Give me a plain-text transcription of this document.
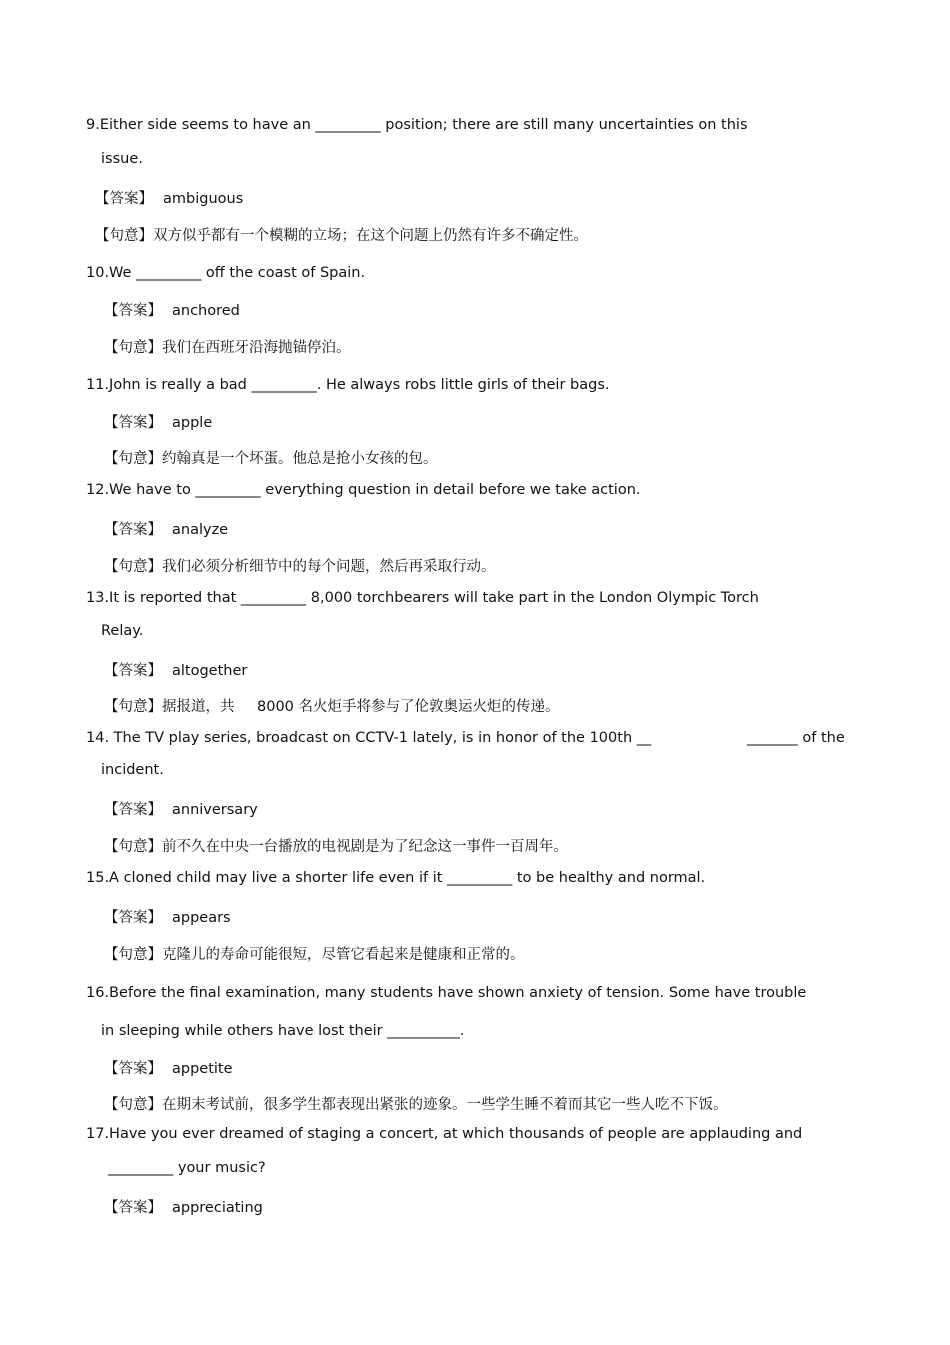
9.Either side seems to have an _________ position; there are still many uncertainties on this
issue.
【答案】 ambiguous
【句意】双方似乎都有一个模糊的立场；在这个问题上仍然有许多不确定性。
10.We _________ off the coast of Spain.
【答案】 anchored
【句意】我们在西班牙沿海抛锚停泊。
11.John is really a bad _________. He always robs little girls of their bags.
【答案】 apple
【句意】约翰真是一个坏蛋。他总是抢小女孩的包。
12.We have to _________ everything question in detail before we take action.
【答案】 analyze
【句意】我们必须分析细节中的每个问题，然后再采取行动。
13.It is reported that _________ 8,000 torchbearers will take part in the London Olympic Torch
Relay.
【答案】 altogether
【句意】据报道，共 8000 名火炬手将参与了伦敦奥运火炬的传递。
14. The TV play series, broadcast on CCTV-1 lately, is in honor of the 100th __	_______ of the
incident.
【答案】 anniversary
【句意】前不久在中央一台播放的电视剧是为了纪念这一事件一百周年。
15.A cloned child may live a shorter life even if it _________ to be healthy and normal.
【答案】 appears
【句意】克隆儿的寿命可能很短，尽管它看起来是健康和正常的。
16.Before the final examination, many students have shown anxiety of tension. Some have trouble
in sleeping while others have lost their __________.
【答案】 appetite
【句意】在期末考试前，很多学生都表现出紧张的迹象。一些学生睡不着而其它一些人吃不下饭。
17.Have you ever dreamed of staging a concert, at which thousands of people are applauding and
_________ your music?
【答案】 appreciating
